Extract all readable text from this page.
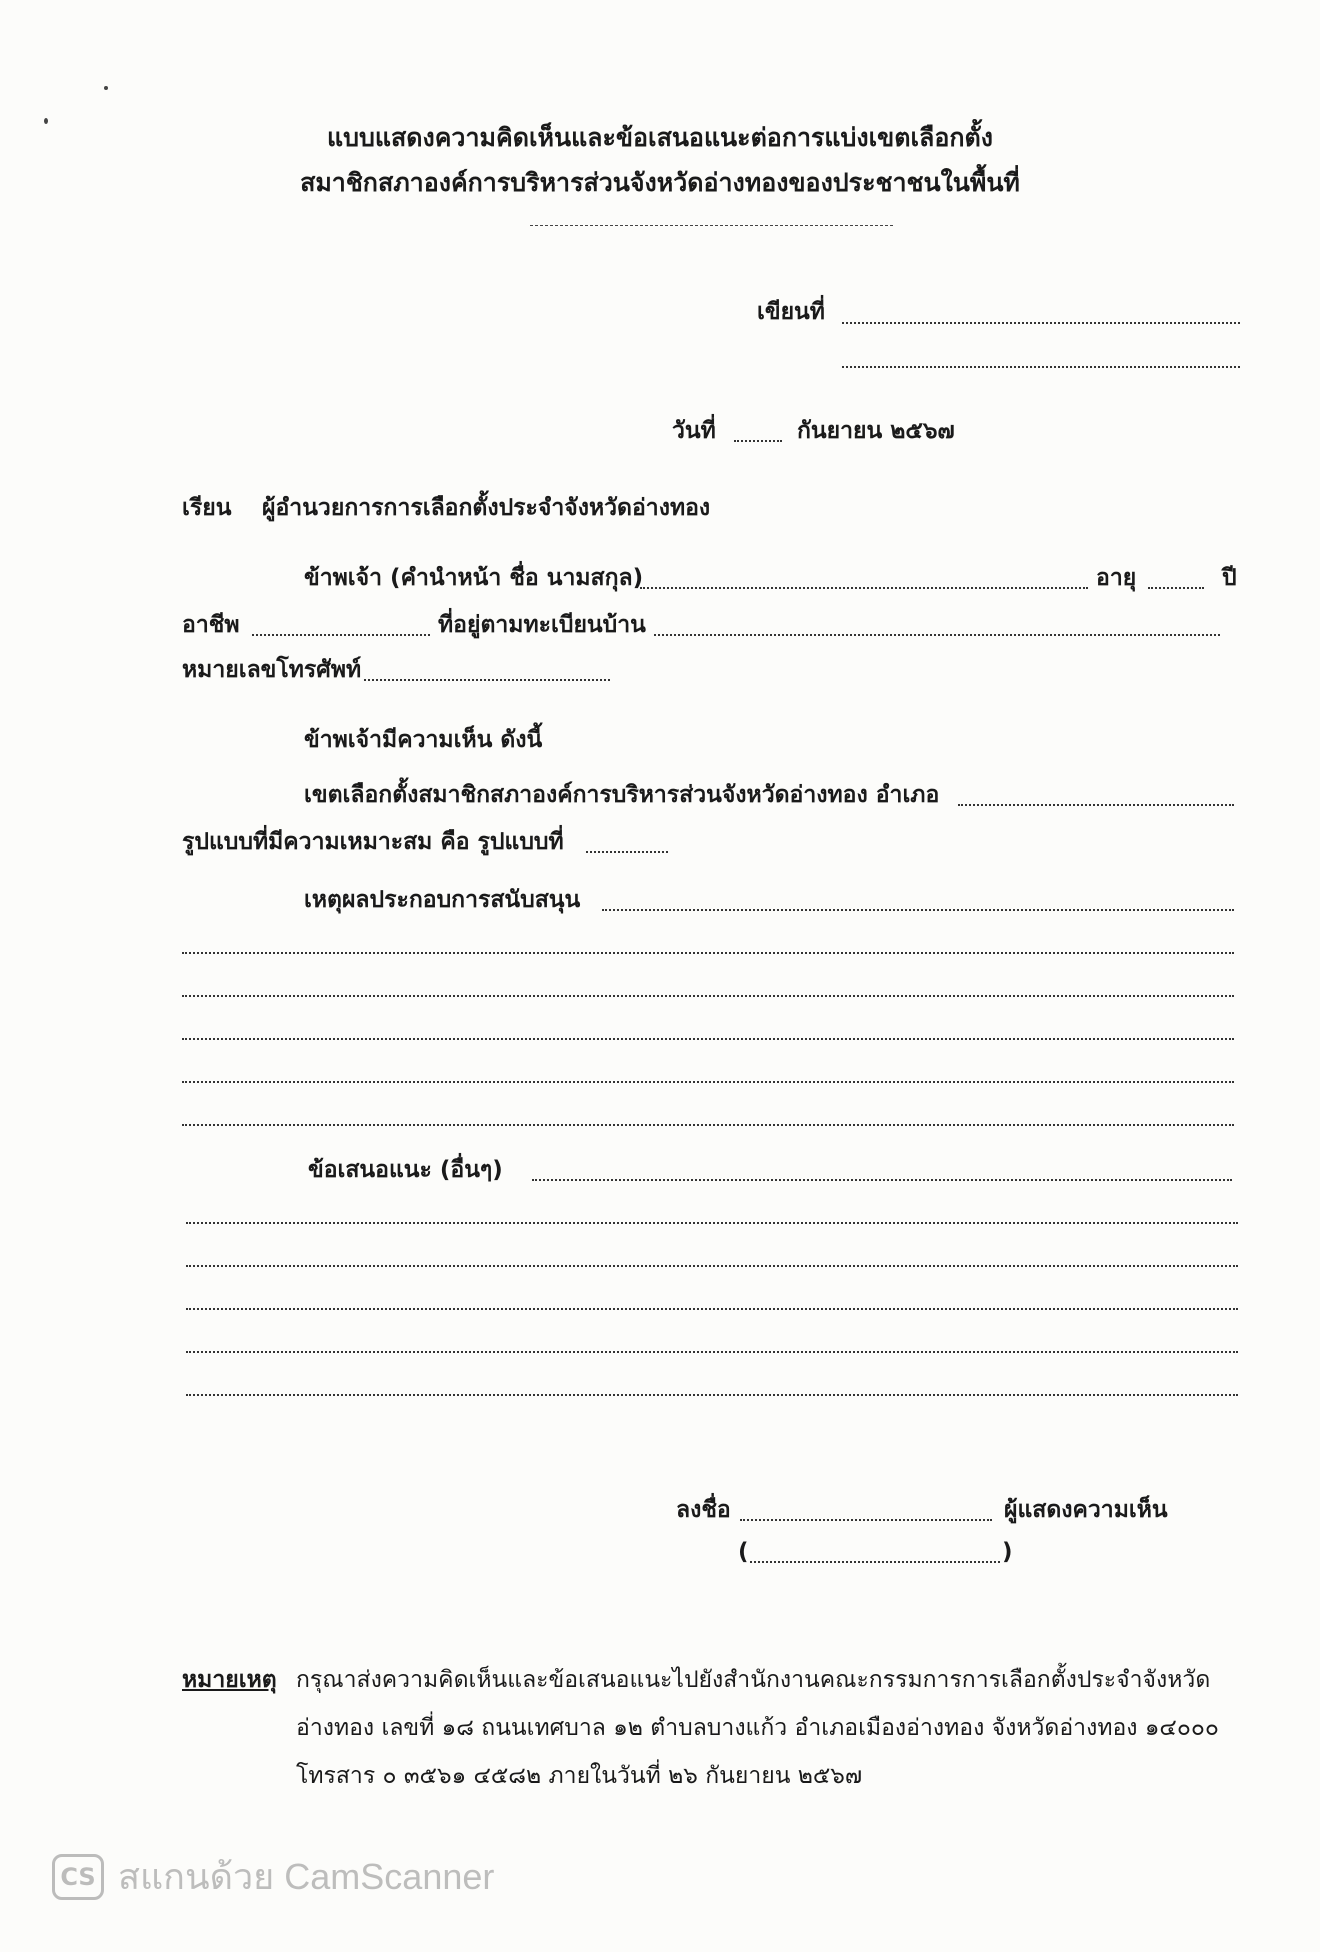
แบบแสดงความคิดเห็นและข้อเสนอแนะต่อการแบ่งเขตเลือกตั้ง
สมาชิกสภาองค์การบริหารส่วนจังหวัดอ่างทองของประชาชนในพื้นที่
เขียนที่
วันที่	กันยายน ๒๕๖๗
เรียน ผู้อำนวยการการเลือกตั้งประจำจังหวัดอ่างทอง
ข้าพเจ้า (คำนำหน้า ชื่อ นามสกุล)	อายุ	ปี
อาชีพ	ที่อยู่ตามทะเบียนบ้าน
หมายเลขโทรศัพท์
ข้าพเจ้ามีความเห็น ดังนี้
เขตเลือกตั้งสมาชิกสภาองค์การบริหารส่วนจังหวัดอ่างทอง อำเภอ
รูปแบบที่มีความเหมาะสม คือ รูปแบบที่
เหตุผลประกอบการสนับสนุน
ข้อเสนอแนะ (อื่นๆ)
ลงชื่อ	ผู้แสดงความเห็น
(	)
หมายเหตุ กรุณาส่งความคิดเห็นและข้อเสนอแนะไปยังสำนักงานคณะกรรมการการเลือกตั้งประจำจังหวัด
อ่างทอง เลขที่ ๑๘ ถนนเทศบาล ๑๒ ตำบลบางแก้ว อำเภอเมืองอ่างทอง จังหวัดอ่างทอง ๑๔๐๐๐
โทรสาร ๐ ๓๕๖๑ ๔๕๘๒ ภายในวันที่ ๒๖ กันยายน ๒๕๖๗
CS สแกนด้วย CamScanner
